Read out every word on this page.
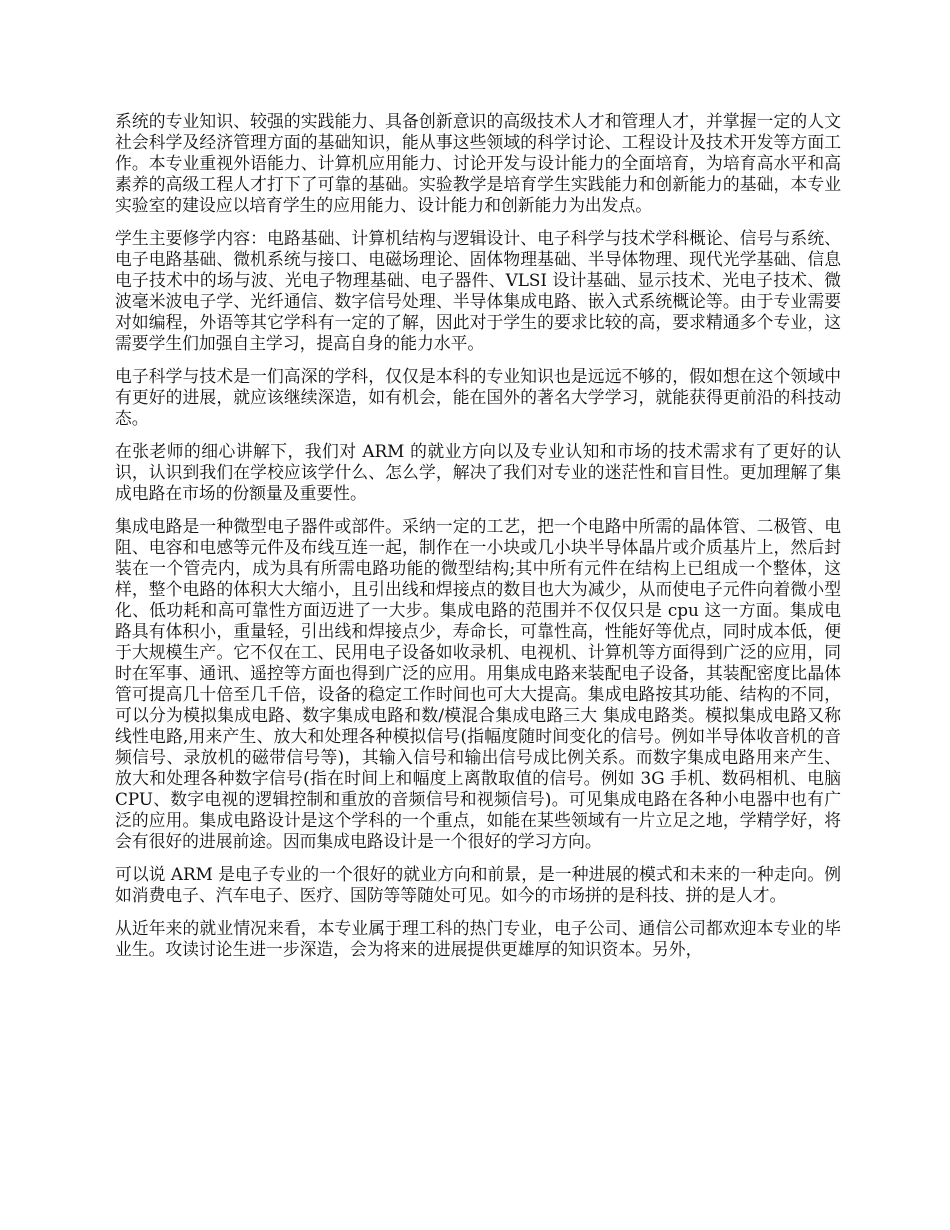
系统的专业知识、较强的实践能力、具备创新意识的高级技术人才和管理人才，并掌握一定的人文社会科学及经济管理方面的基础知识，能从事这些领域的科学讨论、工程设计及技术开发等方面工作。本专业重视外语能力、计算机应用能力、讨论开发与设计能力的全面培育，为培育高水平和高素养的高级工程人才打下了可靠的基础。实验教学是培育学生实践能力和创新能力的基础，本专业实验室的建设应以培育学生的应用能力、设计能力和创新能力为出发点。

学生主要修学内容：电路基础、计算机结构与逻辑设计、电子科学与技术学科概论、信号与系统、电子电路基础、微机系统与接口、电磁场理论、固体物理基础、半导体物理、现代光学基础、信息电子技术中的场与波、光电子物理基础、电子器件、VLSI 设计基础、显示技术、光电子技术、微波毫米波电子学、光纤通信、数字信号处理、半导体集成电路、嵌入式系统概论等。由于专业需要对如编程，外语等其它学科有一定的了解，因此对于学生的要求比较的高，要求精通多个专业，这需要学生们加强自主学习，提高自身的能力水平。

电子科学与技术是一们高深的学科，仅仅是本科的专业知识也是远远不够的，假如想在这个领域中有更好的进展，就应该继续深造，如有机会，能在国外的著名大学学习，就能获得更前沿的科技动态。

在张老师的细心讲解下，我们对 ARM 的就业方向以及专业认知和市场的技术需求有了更好的认识，认识到我们在学校应该学什么、怎么学，解决了我们对专业的迷茫性和盲目性。更加理解了集成电路在市场的份额量及重要性。

集成电路是一种微型电子器件或部件。采纳一定的工艺，把一个电路中所需的晶体管、二极管、电阻、电容和电感等元件及布线互连一起，制作在一小块或几小块半导体晶片或介质基片上，然后封装在一个管壳内，成为具有所需电路功能的微型结构;其中所有元件在结构上已组成一个整体，这样，整个电路的体积大大缩小，且引出线和焊接点的数目也大为减少，从而使电子元件向着微小型化、低功耗和高可靠性方面迈进了一大步。集成电路的范围并不仅仅只是 cpu 这一方面。集成电路具有体积小，重量轻，引出线和焊接点少，寿命长，可靠性高，性能好等优点，同时成本低，便于大规模生产。它不仅在工、民用电子设备如收录机、电视机、计算机等方面得到广泛的应用，同时在军事、通讯、遥控等方面也得到广泛的应用。用集成电路来装配电子设备，其装配密度比晶体管可提高几十倍至几千倍，设备的稳定工作时间也可大大提高。集成电路按其功能、结构的不同，可以分为模拟集成电路、数字集成电路和数/模混合集成电路三大 集成电路类。模拟集成电路又称线性电路,用来产生、放大和处理各种模拟信号(指幅度随时间变化的信号。例如半导体收音机的音频信号、录放机的磁带信号等)，其输入信号和输出信号成比例关系。而数字集成电路用来产生、放大和处理各种数字信号(指在时间上和幅度上离散取值的信号。例如 3G 手机、数码相机、电脑 CPU、数字电视的逻辑控制和重放的音频信号和视频信号)。可见集成电路在各种小电器中也有广泛的应用。集成电路设计是这个学科的一个重点，如能在某些领域有一片立足之地，学精学好，将会有很好的进展前途。因而集成电路设计是一个很好的学习方向。

可以说 ARM 是电子专业的一个很好的就业方向和前景，是一种进展的模式和未来的一种走向。例如消费电子、汽车电子、医疗、国防等等随处可见。如今的市场拼的是科技、拼的是人才。

从近年来的就业情况来看，本专业属于理工科的热门专业，电子公司、通信公司都欢迎本专业的毕业生。攻读讨论生进一步深造，会为将来的进展提供更雄厚的知识资本。另外，
